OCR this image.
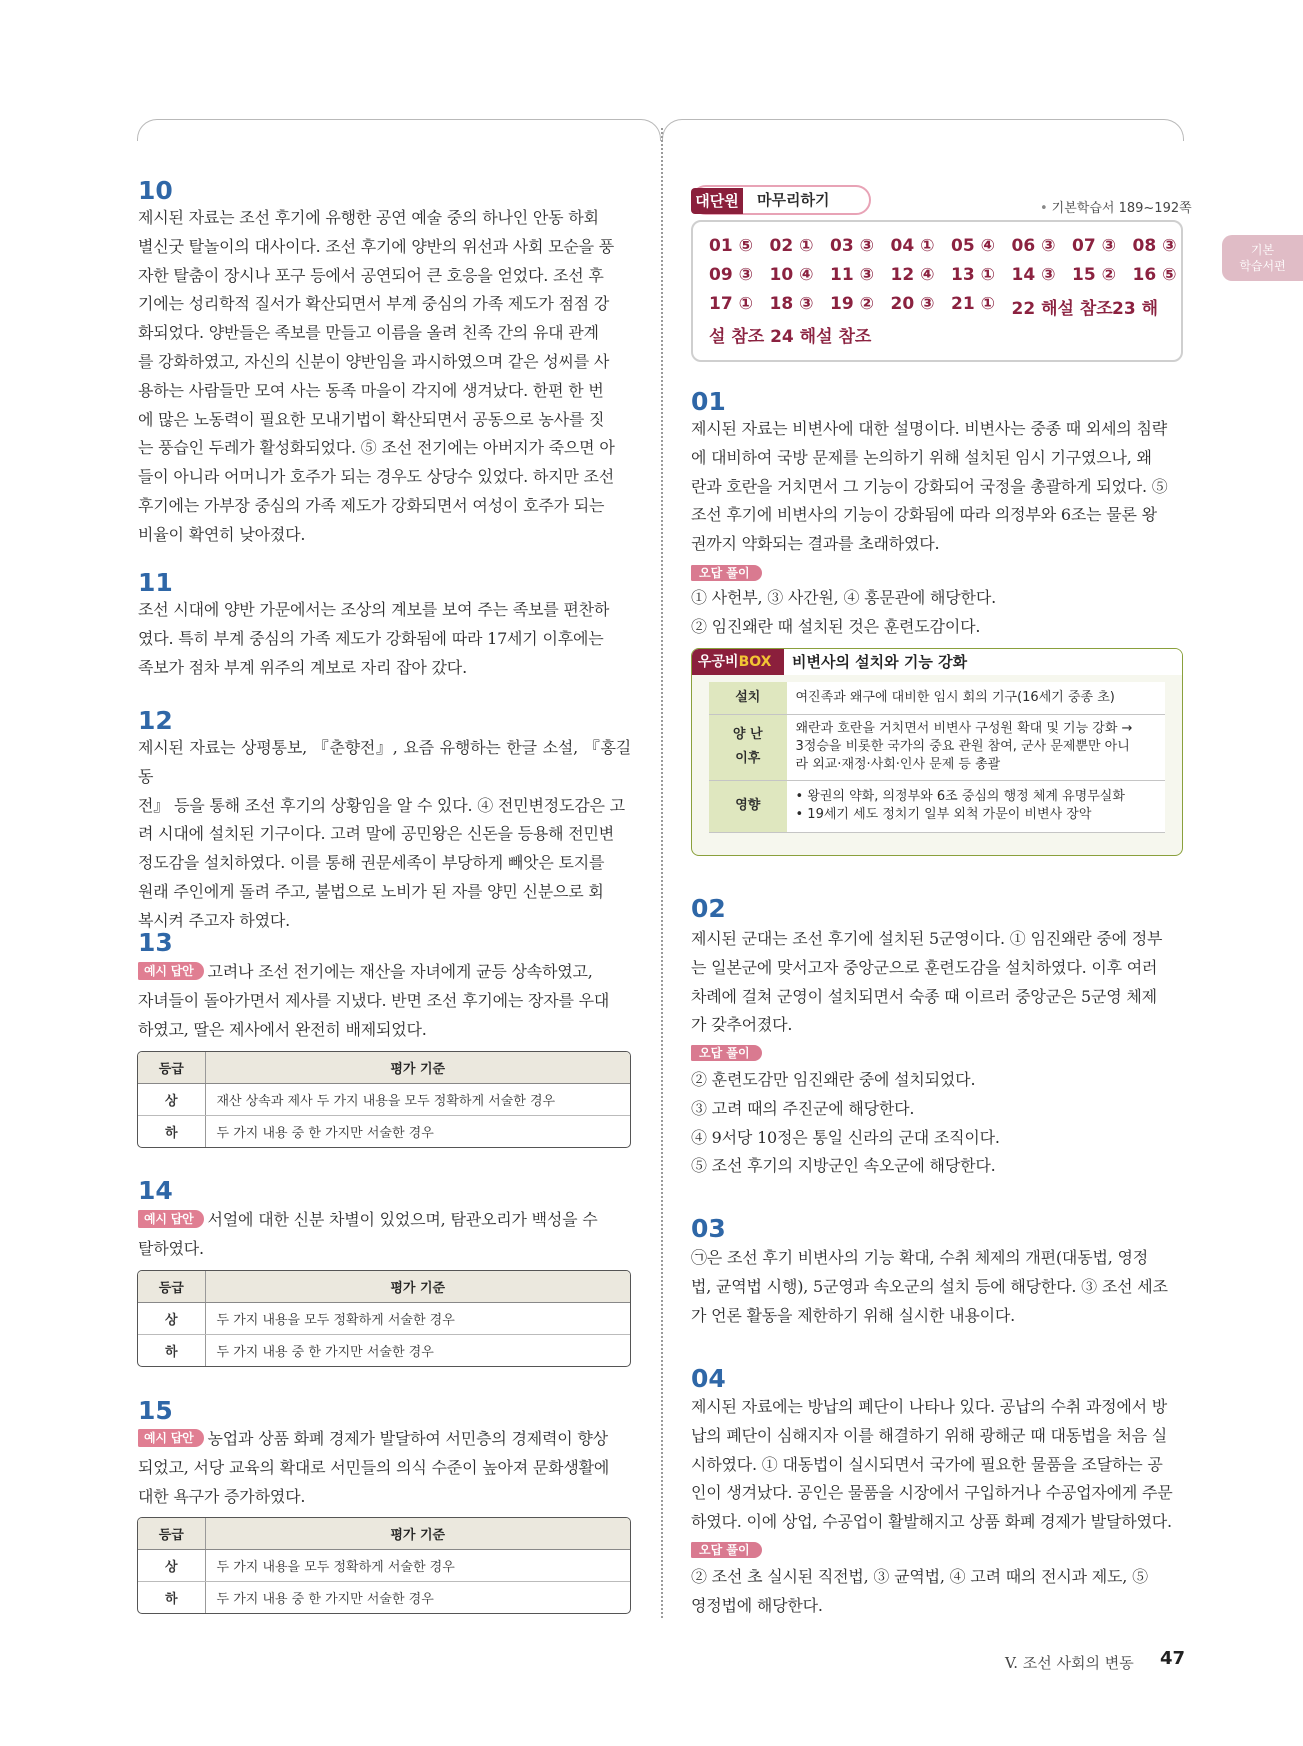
10

제시된 자료는 조선 후기에 유행한 공연 예술 중의 하나인 안동 하회

별신굿 탈놀이의 대사이다. 조선 후기에 양반의 위선과 사회 모순을 풍

자한 탈춤이 장시나 포구 등에서 공연되어 큰 호응을 얻었다. 조선 후

기에는 성리학적 질서가 확산되면서 부계 중심의 가족 제도가 점점 강

화되었다. 양반들은 족보를 만들고 이름을 올려 친족 간의 유대 관계

를 강화하였고, 자신의 신분이 양반임을 과시하였으며 같은 성씨를 사

용하는 사람들만 모여 사는 동족 마을이 각지에 생겨났다. 한편 한 번

에 많은 노동력이 필요한 모내기법이 확산되면서 공동으로 농사를 짓

는 풍습인 두레가 활성화되었다. ⑤ 조선 전기에는 아버지가 죽으면 아

들이 아니라 어머니가 호주가 되는 경우도 상당수 있었다. 하지만 조선

후기에는 가부장 중심의 가족 제도가 강화되면서 여성이 호주가 되는

비율이 확연히 낮아졌다.

11

조선 시대에 양반 가문에서는 조상의 계보를 보여 주는 족보를 편찬하

였다. 특히 부계 중심의 가족 제도가 강화됨에 따라 17세기 이후에는

족보가 점차 부계 위주의 계보로 자리 잡아 갔다.

12

제시된 자료는 상평통보, 『춘향전』, 요즘 유행하는 한글 소설, 『홍길동

전』 등을 통해 조선 후기의 상황임을 알 수 있다. ④ 전민변정도감은 고

려 시대에 설치된 기구이다. 고려 말에 공민왕은 신돈을 등용해 전민변

정도감을 설치하였다. 이를 통해 권문세족이 부당하게 빼앗은 토지를

원래 주인에게 돌려 주고, 불법으로 노비가 된 자를 양민 신분으로 회

복시켜 주고자 하였다.

13

예시 답안 고려나 조선 전기에는 재산을 자녀에게 균등 상속하였고,

자녀들이 돌아가면서 제사를 지냈다. 반면 조선 후기에는 장자를 우대

하였고, 딸은 제사에서 완전히 배제되었다.

등급	평가 기준
상	재산 상속과 제사 두 가지 내용을 모두 정확하게 서술한 경우
하	두 가지 내용 중 한 가지만 서술한 경우
14

예시 답안 서얼에 대한 신분 차별이 있었으며, 탐관오리가 백성을 수

탈하였다.

등급	평가 기준
상	두 가지 내용을 모두 정확하게 서술한 경우
하	두 가지 내용 중 한 가지만 서술한 경우
15

예시 답안 농업과 상품 화폐 경제가 발달하여 서민층의 경제력이 향상

되었고, 서당 교육의 확대로 서민들의 의식 수준이 높아져 문화생활에

대한 욕구가 증가하였다.

등급	평가 기준
상	두 가지 내용을 모두 정확하게 서술한 경우
하	두 가지 내용 중 한 가지만 서술한 경우
마무리하기
대단원	• 기본학습서 189~192쪽
기본
학습서편
01 ⑤ 02 ① 03 ③ 04 ① 05 ④ 06 ③ 07 ③ 08 ③
09 ③ 10 ④ 11 ③ 12 ④ 13 ① 14 ③ 15 ② 16 ⑤
17 ① 18 ③ 19 ② 20 ③ 21 ① 22 해설 참조 23 해
설 참조 24 해설 참조
01

제시된 자료는 비변사에 대한 설명이다. 비변사는 중종 때 외세의 침략

에 대비하여 국방 문제를 논의하기 위해 설치된 임시 기구였으나, 왜

란과 호란을 거치면서 그 기능이 강화되어 국정을 총괄하게 되었다. ⑤

조선 후기에 비변사의 기능이 강화됨에 따라 의정부와 6조는 물론 왕

권까지 약화되는 결과를 초래하였다.

오답 풀이

① 사헌부, ③ 사간원, ④ 홍문관에 해당한다.

② 임진왜란 때 설치된 것은 훈련도감이다.

우공비BOX	비변사의 설치와 기능 강화
설치	여진족과 왜구에 대비한 임시 회의 기구(16세기 중종 초)

양 난 이후	왜란과 호란을 거치면서 비변사 구성원 확대 및 기능 강화 →
3정승을 비롯한 국가의 중요 관원 참여, 군사 문제뿐만 아니
라 외교·재정·사회·인사 문제 등 총괄

영향	• 왕권의 약화, 의정부와 6조 중심의 행정 체계 유명무실화
• 19세기 세도 정치기 일부 외척 가문이 비변사 장악
02

제시된 군대는 조선 후기에 설치된 5군영이다. ① 임진왜란 중에 정부

는 일본군에 맞서고자 중앙군으로 훈련도감을 설치하였다. 이후 여러

차례에 걸쳐 군영이 설치되면서 숙종 때 이르러 중앙군은 5군영 체제

가 갖추어졌다.

오답 풀이

② 훈련도감만 임진왜란 중에 설치되었다.

③ 고려 때의 주진군에 해당한다.

④ 9서당 10정은 통일 신라의 군대 조직이다.

⑤ 조선 후기의 지방군인 속오군에 해당한다.

03

㉠은 조선 후기 비변사의 기능 확대, 수취 체제의 개편(대동법, 영정

법, 균역법 시행), 5군영과 속오군의 설치 등에 해당한다. ③ 조선 세조

가 언론 활동을 제한하기 위해 실시한 내용이다.

04

제시된 자료에는 방납의 폐단이 나타나 있다. 공납의 수취 과정에서 방

납의 폐단이 심해지자 이를 해결하기 위해 광해군 때 대동법을 처음 실

시하였다. ① 대동법이 실시되면서 국가에 필요한 물품을 조달하는 공

인이 생겨났다. 공인은 물품을 시장에서 구입하거나 수공업자에게 주문

하였다. 이에 상업, 수공업이 활발해지고 상품 화폐 경제가 발달하였다.

오답 풀이

② 조선 초 실시된 직전법, ③ 균역법, ④ 고려 때의 전시과 제도, ⑤

영정법에 해당한다.

V. 조선 사회의 변동 47
